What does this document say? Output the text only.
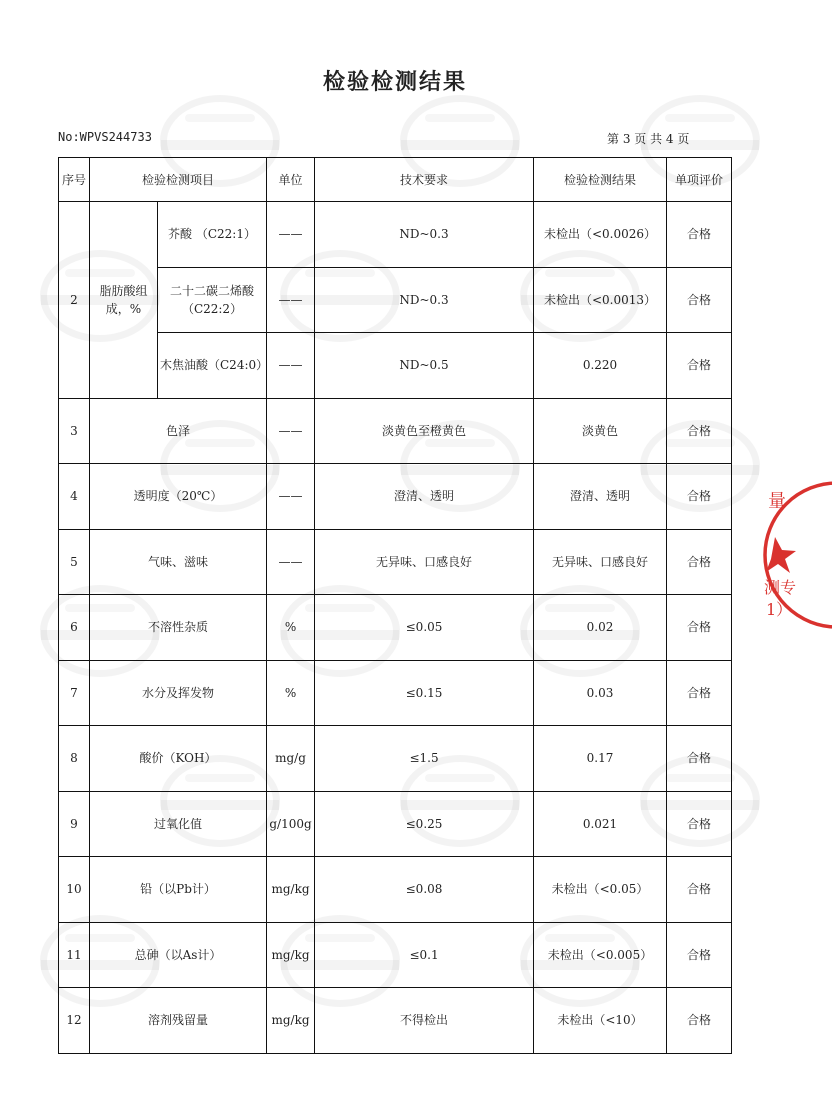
检验检测结果
No:WPVS244733	第 3 页 共 4 页
序号	检验检测项目		单位	技术要求	检验检测结果	单项评价
2	脂肪酸组成，%	芥酸 （C22:1）	——	ND~0.3	未检出（<0.0026）	合格
		二十二碳二烯酸（C22:2）	——	ND~0.3	未检出（<0.0013）	合格
		木焦油酸（C24:0）	——	ND~0.5	0.220	合格
3	色泽		——	淡黄色至橙黄色	淡黄色	合格
4	透明度（20℃）		——	澄清、透明	澄清、透明	合格
5	气味、滋味		——	无异味、口感良好	无异味、口感良好	合格
6	不溶性杂质		%	≤0.05	0.02	合格
7	水分及挥发物		%	≤0.15	0.03	合格
8	酸价（KOH）		mg/g	≤1.5	0.17	合格
9	过氧化值		g/100g	≤0.25	0.021	合格
10	铅（以Pb计）		mg/kg	≤0.08	未检出（<0.05）	合格
11	总砷（以As计）		mg/kg	≤0.1	未检出（<0.005）	合格
12	溶剂残留量		mg/kg	不得检出	未检出（<10）	合格
量
测专
1）
